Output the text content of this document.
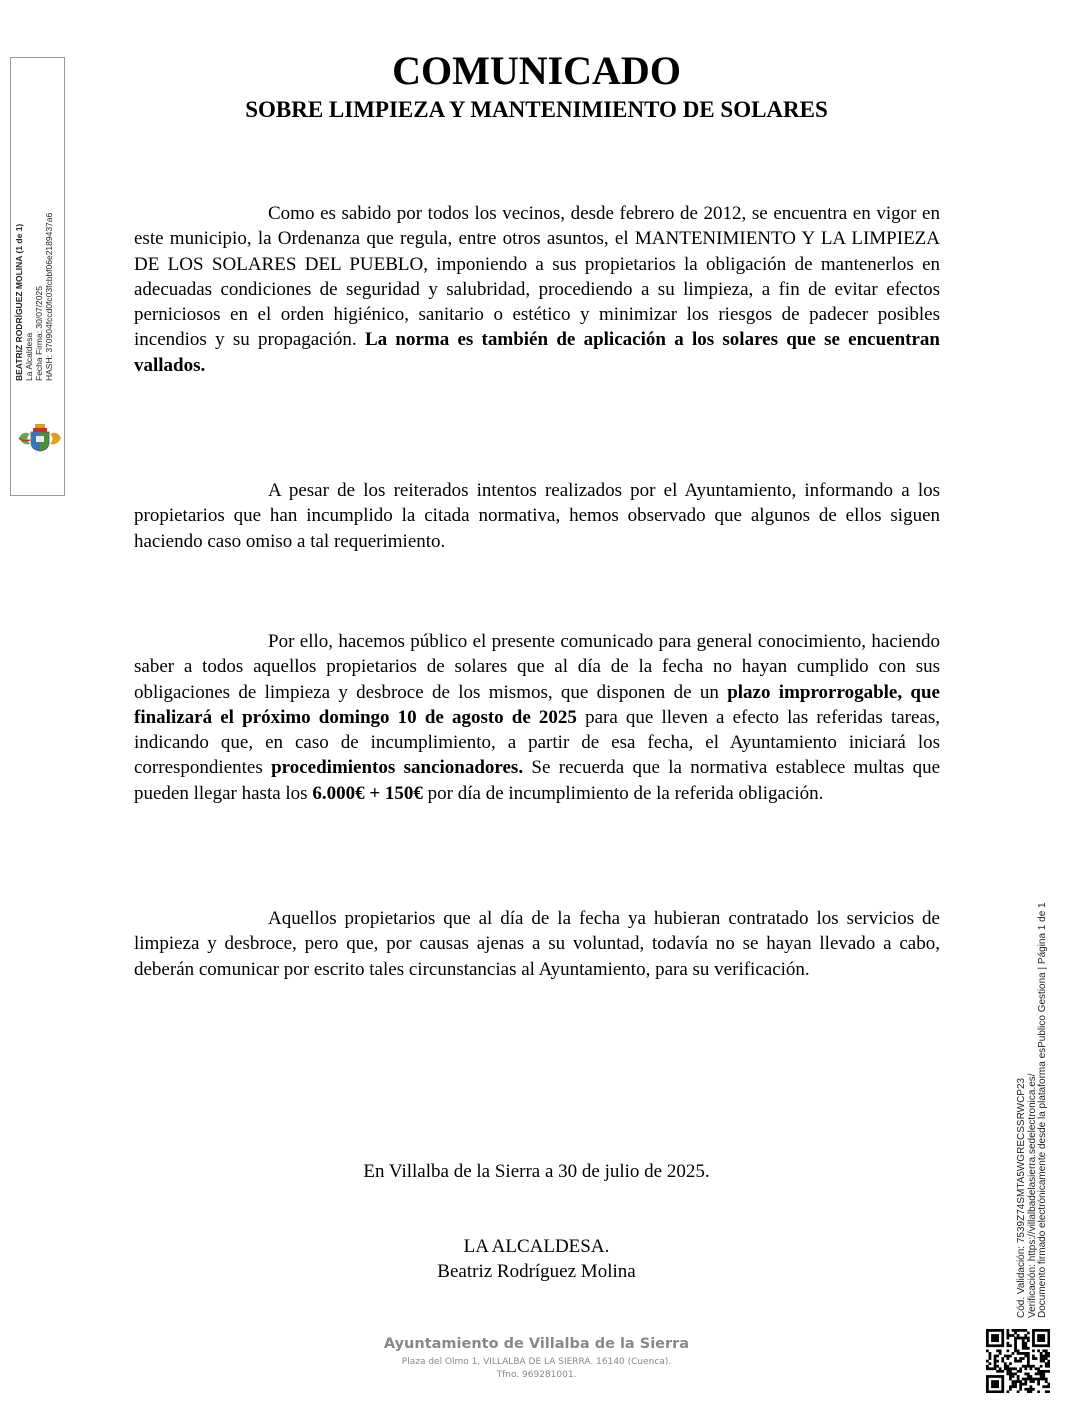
COMUNICADO
SOBRE LIMPIEZA Y MANTENIMIENTO DE SOLARES

Como es sabido por todos los vecinos, desde febrero de 2012, se encuentra en vigor en este municipio, la Ordenanza que regula, entre otros asuntos, el MANTENIMIENTO Y LA LIMPIEZA DE LOS SOLARES DEL PUEBLO, imponiendo a sus propietarios la obligación de mantenerlos en adecuadas condiciones de seguridad y salubridad, procediendo a su limpieza, a fin de evitar efectos perniciosos en el orden higiénico, sanitario o estético y minimizar los riesgos de padecer posibles incendios y su propagación. La norma es también de aplicación a los solares que se encuentran vallados.

A pesar de los reiterados intentos realizados por el Ayuntamiento, informando a los propietarios que han incumplido la citada normativa, hemos observado que algunos de ellos siguen haciendo caso omiso a tal requerimiento.

Por ello, hacemos público el presente comunicado para general conocimiento, haciendo saber a todos aquellos propietarios de solares que al día de la fecha no hayan cumplido con sus obligaciones de limpieza y desbroce de los mismos, que disponen de un plazo improrrogable, que finalizará el próximo domingo 10 de agosto de 2025 para que lleven a efecto las referidas tareas, indicando que, en caso de incumplimiento, a partir de esa fecha, el Ayuntamiento iniciará los correspondientes procedimientos sancionadores. Se recuerda que la normativa establece multas que pueden llegar hasta los 6.000€ + 150€ por día de incumplimiento de la referida obligación.

Aquellos propietarios que al día de la fecha ya hubieran contratado los servicios de limpieza y desbroce, pero que, por causas ajenas a su voluntad, todavía no se hayan llevado a cabo, deberán comunicar por escrito tales circunstancias al Ayuntamiento, para su verificación.

En Villalba de la Sierra a 30 de julio de 2025.
LA ALCALDESA.
Beatriz Rodríguez Molina
Ayuntamiento de Villalba de la Sierra
Plaza del Olmo 1, VILLALBA DE LA SIERRA. 16140 (Cuenca).
Tfno. 969281001.
BEATRIZ RODRÍGUEZ MOLINA (1 de 1) La Alcaldesa Fecha Firma: 30/07/2025 HASH: 370904fccd0fc03fcbbf06e2189437a6
Cód. Validación: 7539Z74SMTA5WGRECSSRWCP23 Verificación: https://villalbadelasierra.sedelectronica.es/ Documento firmado electrónicamente desde la plataforma esPublico Gestiona | Página 1 de 1
